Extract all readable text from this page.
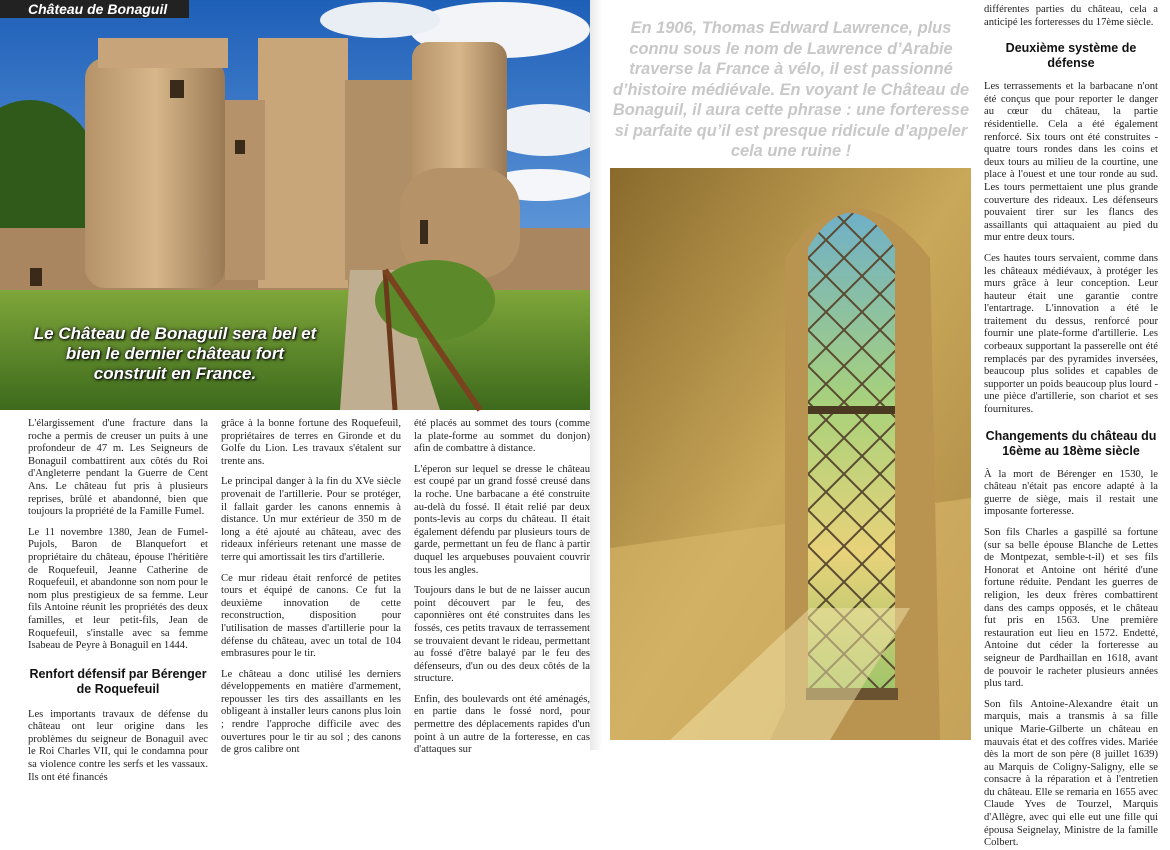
Château de Bonaguil
Le Château de Bonaguil sera bel et bien le dernier château fort construit en France.

L'élargissement d'une fracture dans la roche a permis de creuser un puits à une profondeur de 47 m. Les Seigneurs de Bonaguil combattirent aux côtés du Roi d'Angleterre pendant la Guerre de Cent Ans. Le château fut pris à plusieurs reprises, brûlé et abandonné, bien que toujours la propriété de la Famille Fumel.

Le 11 novembre 1380, Jean de Fumel-Pujols, Baron de Blanquefort et propriétaire du château, épouse l'héritière de Roquefeuil, Jeanne Catherine de Roquefeuil, et abandonne son nom pour le nom plus prestigieux de sa femme. Leur fils Antoine réunit les propriétés des deux familles, et leur petit-fils, Jean de Roquefeuil, s'installe avec sa femme Isabeau de Peyre à Bonaguil en 1444.

Renfort défensif par Bérenger de Roquefeuil

Les importants travaux de défense du château ont leur origine dans les problèmes du seigneur de Bonaguil avec le Roi Charles VII, qui le condamna pour sa violence contre les serfs et les vassaux. Ils ont été financés

grâce à la bonne fortune des Roquefeuil, propriétaires de terres en Gironde et du Golfe du Lion. Les travaux s'étalent sur trente ans.

Le principal danger à la fin du XVe siècle provenait de l'artillerie. Pour se protéger, il fallait garder les canons ennemis à distance. Un mur extérieur de 350 m de long a été ajouté au château, avec des rideaux inférieurs retenant une masse de terre qui amortissait les tirs d'artillerie.

Ce mur rideau était renforcé de petites tours et équipé de canons. Ce fut la deuxième innovation de cette reconstruction, disposition pour l'utilisation de masses d'artillerie pour la défense du château, avec un total de 104 embrasures pour le tir.

Le château a donc utilisé les derniers développements en matière d'armement, repousser les tirs des assaillants en les obligeant à installer leurs canons plus loin ; rendre l'approche difficile avec des ouvertures pour le tir au sol ; des canons de gros calibre ont

été placés au sommet des tours (comme la plate-forme au sommet du donjon) afin de combattre à distance.

L'éperon sur lequel se dresse le château est coupé par un grand fossé creusé dans la roche. Une barbacane a été construite au-delà du fossé. Il était relié par deux ponts-levis au corps du château. Il était également défendu par plusieurs tours de garde, permettant un feu de flanc à partir duquel les arquebuses pouvaient couvrir tous les angles.

Toujours dans le but de ne laisser aucun point découvert par le feu, des caponnières ont été construites dans les fossés, ces petits travaux de terrassement se trouvaient devant le rideau, permettant au fossé d'être balayé par le feu des défenseurs, d'un ou des deux côtés de la structure.

Enfin, des boulevards ont été aménagés, en partie dans le fossé nord, pour permettre des déplacements rapides d'un point à un autre de la forteresse, en cas d'attaques sur

En 1906, Thomas Edward Lawrence, plus connu sous le nom de Lawrence d’Arabie traverse la France à vélo, il est passionné d’histoire médiévale. En voyant le Château de Bonaguil, il aura cette phrase : une forteresse si parfaite qu’il est presque ridicule d’appeler cela une ruine !

différentes parties du château, cela a anticipé les forteresses du 17ème siècle.

Deuxième système de défense

Les terrassements et la barbacane n'ont été conçus que pour reporter le danger au cœur du château, la partie résidentielle. Cela a été également renforcé. Six tours ont été construites - quatre tours rondes dans les coins et deux tours au milieu de la courtine, une place à l'ouest et une tour ronde au sud. Les tours permettaient une plus grande couverture des rideaux. Les défenseurs pouvaient tirer sur les flancs des assaillants qui attaquaient au pied du mur entre deux tours.

Ces hautes tours servaient, comme dans les châteaux médiévaux, à protéger les murs grâce à leur conception. Leur hauteur était une garantie contre l'entartrage. L'innovation a été le traitement du dessus, renforcé pour fournir une plate-forme d'artillerie. Les corbeaux supportant la passerelle ont été remplacés par des pyramides inversées, beaucoup plus solides et capables de supporter un poids beaucoup plus lourd - une pièce d'artillerie, son chariot et ses fournitures.

Changements du château du 16ème au 18ème siècle

À la mort de Bérenger en 1530, le château n'était pas encore adapté à la guerre de siège, mais il restait une imposante forteresse.

Son fils Charles a gaspillé sa fortune (sur sa belle épouse Blanche de Lettes de Montpezat, semble-t-il) et ses fils Honorat et Antoine ont hérité d'une fortune réduite. Pendant les guerres de religion, les deux frères combattirent dans des camps opposés, et le château fut pris en 1563. Une première restauration eut lieu en 1572. Endetté, Antoine dut céder la forteresse au seigneur de Pardhaillan en 1618, avant de pouvoir le racheter plusieurs années plus tard.

Son fils Antoine-Alexandre était un marquis, mais a transmis à sa fille unique Marie-Gilberte un château en mauvais état et des coffres vides. Mariée dès la mort de son père (8 juillet 1639) au Marquis de Coligny-Saligny, elle se consacre à la réparation et à l'entretien du château. Elle se remaria en 1655 avec Claude Yves de Tourzel, Marquis d'Allègre, avec qui elle eut une fille qui épousa Seignelay, Ministre de la famille Colbert.
